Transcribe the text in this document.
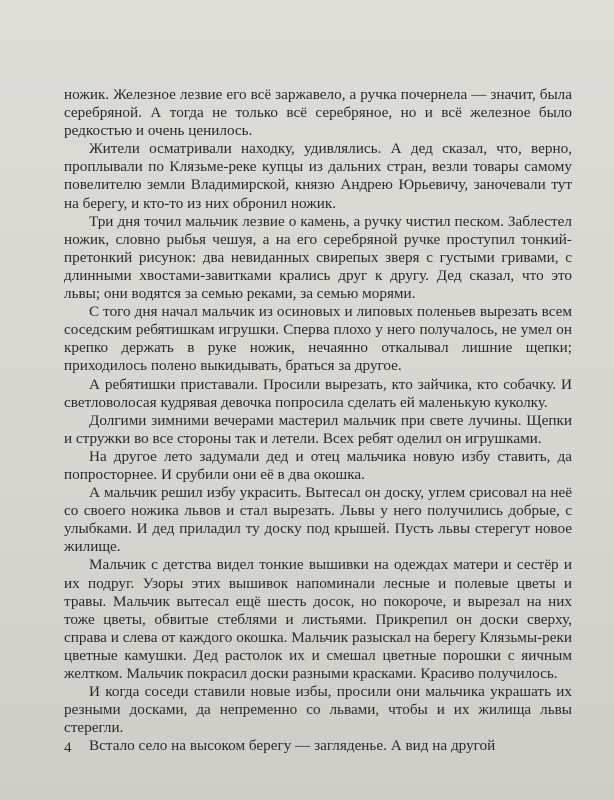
ножик. Железное лезвие его всё заржавело, а ручка почернела — значит, была серебряной. А тогда не только всё серебряное, но и всё железное было редкостью и очень ценилось.

Жители осматривали находку, удивлялись. А дед сказал, что, верно, проплывали по Клязьме-реке купцы из дальних стран, везли товары самому повелителю земли Владимирской, князю Андрею Юрьевичу, заночевали тут на берегу, и кто-то из них обронил ножик.

Три дня точил мальчик лезвие о камень, а ручку чистил песком. Заблестел ножик, словно рыбья чешуя, а на его серебряной ручке проступил тонкий-претонкий рисунок: два невиданных свирепых зверя с густыми гривами, с длинными хвостами-завитками крались друг к другу. Дед сказал, что это львы; они водятся за семью реками, за семью морями.

С того дня начал мальчик из осиновых и липовых поленьев вырезать всем соседским ребятишкам игрушки. Сперва плохо у него получалось, не умел он крепко держать в руке ножик, нечаянно откалывал лишние щепки; приходилось полено выкидывать, браться за другое.

А ребятишки приставали. Просили вырезать, кто зайчика, кто собачку. И светловолосая кудрявая девочка попросила сделать ей маленькую куколку.

Долгими зимними вечерами мастерил мальчик при свете лучины. Щепки и стружки во все стороны так и летели. Всех ребят оделил он игрушками.

На другое лето задумали дед и отец мальчика новую избу ставить, да попросторнее. И срубили они её в два окошка.

А мальчик решил избу украсить. Вытесал он доску, углем срисовал на неё со своего ножика львов и стал вырезать. Львы у него получились добрые, с улыбками. И дед приладил ту доску под крышей. Пусть львы стерегут новое жилище.

Мальчик с детства видел тонкие вышивки на одеждах матери и сестёр и их подруг. Узоры этих вышивок напоминали лесные и полевые цветы и травы. Мальчик вытесал ещё шесть досок, но покороче, и вырезал на них тоже цветы, обвитые стеблями и листьями. Прикрепил он доски сверху, справа и слева от каждого окошка. Мальчик разыскал на берегу Клязьмы-реки цветные камушки. Дед растолок их и смешал цветные порошки с яичным желтком. Мальчик покрасил доски разными красками. Красиво получилось.

И когда соседи ставили новые избы, просили они мальчика украшать их резными досками, да непременно со львами, чтобы и их жилища львы стерегли.

Встало село на высоком берегу — загляденье. А вид на другой

4
